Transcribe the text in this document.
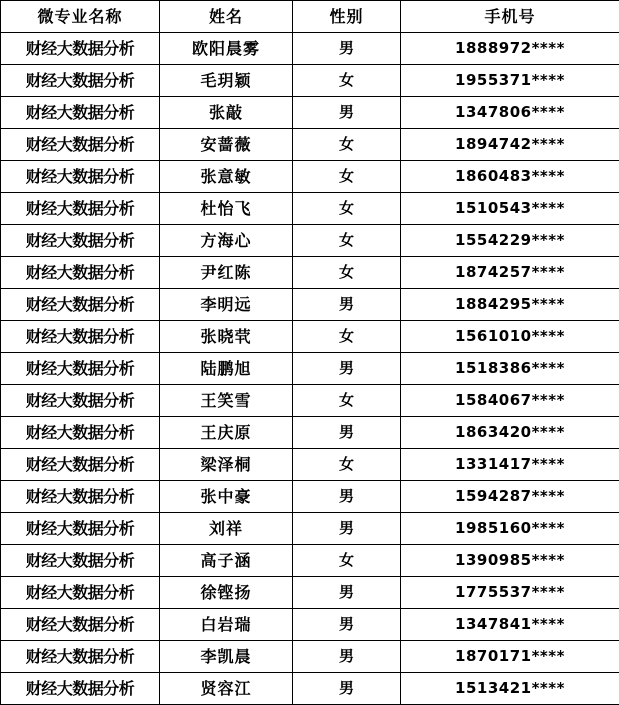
微专业名称	姓名	性别	手机号
财经大数据分析	欧阳晨雾	男	1888972****
财经大数据分析	毛玥颖	女	1955371****
财经大数据分析	张敲	男	1347806****
财经大数据分析	安蔷薇	女	1894742****
财经大数据分析	张意敏	女	1860483****
财经大数据分析	杜怡飞	女	1510543****
财经大数据分析	方海心	女	1554229****
财经大数据分析	尹红陈	女	1874257****
财经大数据分析	李明远	男	1884295****
财经大数据分析	张晓茕	女	1561010****
财经大数据分析	陆鹏旭	男	1518386****
财经大数据分析	王笑雪	女	1584067****
财经大数据分析	王庆原	男	1863420****
财经大数据分析	梁泽桐	女	1331417****
财经大数据分析	张中豪	男	1594287****
财经大数据分析	刘祥	男	1985160****
财经大数据分析	高子涵	女	1390985****
财经大数据分析	徐铿扬	男	1775537****
财经大数据分析	白岩瑞	男	1347841****
财经大数据分析	李凯晨	男	1870171****
财经大数据分析	贤容江	男	1513421****
